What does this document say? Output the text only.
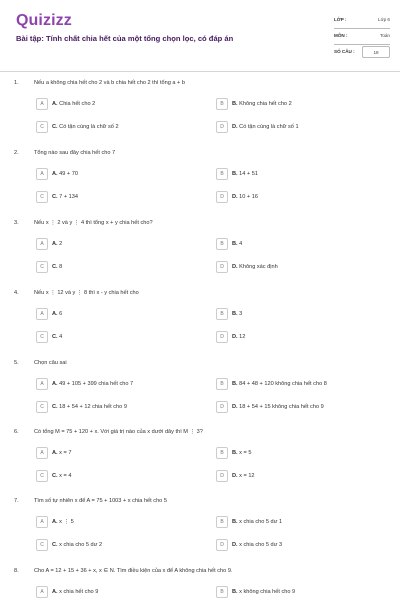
Quizizz
Bài tập: Tính chất chia hết của một tổng chọn lọc, có đáp án
LỚP :	Lớp 6
MÔN :	Toán
SỐ CÂU :	18
1.	Nếu a không chia hết cho 2 và b chia hết cho 2 thì tổng a + b
A	A. Chia hết cho 2	B	B. Không chia hết cho 2
C	C. Có tận cùng là chữ số 2	D	D. Có tận cùng là chữ số 1
2.	Tổng nào sau đây chia hết cho 7
A	A. 49 + 70	B	B. 14 + 51
C	C. 7 + 134	D	D. 10 + 16
3.	Nếu x ⋮ 2 và y ⋮ 4 thì tổng x + y chia hết cho?
A	A. 2	B	B. 4
C	C. 8	D	D. Không xác định
4.	Nếu x ⋮ 12 và y ⋮ 8 thì x - y chia hết cho
A	A. 6	B	B. 3
C	C. 4	D	D. 12
5.	Chọn câu sai
A	A. 49 + 105 + 399 chia hết cho 7	B	B. 84 + 48 + 120 không chia hết cho 8
C	C. 18 + 54 + 12 chia hết cho 9	D	D. 18 + 54 + 15 không chia hết cho 9
6.	Có tổng M = 75 + 120 + x. Với giá trị nào của x dưới dây thì M ⋮ 3?
A	A. x = 7	B	B. x = 5
C	C. x = 4	D	D. x = 12
7.	Tìm số tự nhiên x để A = 75 + 1003 + x chia hết cho 5
A	A. x ⋮ 5	B	B. x chia cho 5 dư 1
C	C. x chia cho 5 dư 2	D	D. x chia cho 5 dư 3
8.	Cho A = 12 + 15 + 36 + x, x ∈ N. Tìm điều kiện của x để A không chia hết cho 9.
A	A. x chia hết cho 9	B	B. x không chia hết cho 9
